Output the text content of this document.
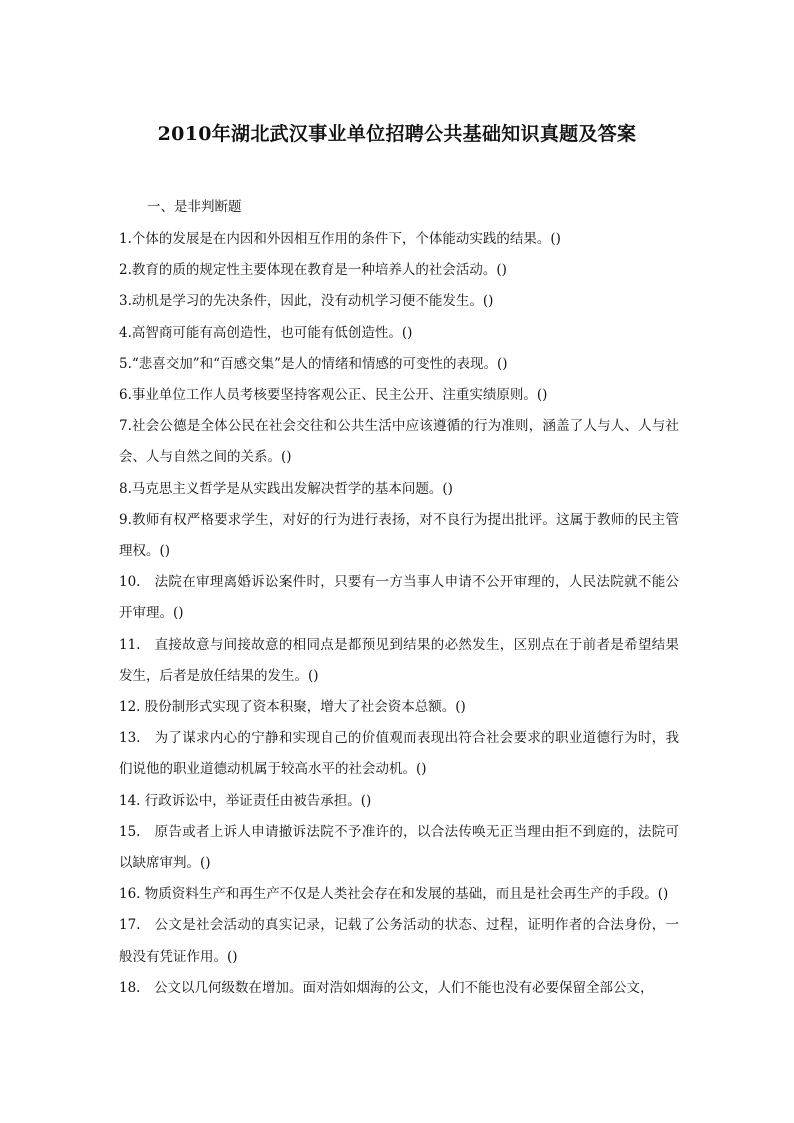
2010年湖北武汉事业单位招聘公共基础知识真题及答案
一、是非判断题

1.个体的发展是在内因和外因相互作用的条件下，个体能动实践的结果。()

2.教育的质的规定性主要体现在教育是一种培养人的社会活动。()

3.动机是学习的先决条件，因此，没有动机学习便不能发生。()

4.高智商可能有高创造性，也可能有低创造性。()

5.“悲喜交加”和“百感交集”是人的情绪和情感的可变性的表现。()

6.事业单位工作人员考核要坚持客观公正、民主公开、注重实绩原则。()

7.社会公德是全体公民在社会交往和公共生活中应该遵循的行为准则，涵盖了人与人、人与社会、人与自然之间的关系。()

8.马克思主义哲学是从实践出发解决哲学的基本问题。()

9.教师有权严格要求学生，对好的行为进行表扬，对不良行为提出批评。这属于教师的民主管理权。()

10.　法院在审理离婚诉讼案件时，只要有一方当事人申请不公开审理的，人民法院就不能公开审理。()

11.　直接故意与间接故意的相同点是都预见到结果的必然发生，区别点在于前者是希望结果发生，后者是放任结果的发生。()

12. 股份制形式实现了资本积聚，增大了社会资本总额。()

13.　为了谋求内心的宁静和实现自己的价值观而表现出符合社会要求的职业道德行为时，我们说他的职业道德动机属于较高水平的社会动机。()

14. 行政诉讼中，举证责任由被告承担。()

15.　原告或者上诉人申请撤诉法院不予准许的，以合法传唤无正当理由拒不到庭的，法院可以缺席审判。()

16. 物质资料生产和再生产不仅是人类社会存在和发展的基础，而且是社会再生产的手段。()

17.　公文是社会活动的真实记录，记载了公务活动的状态、过程，证明作者的合法身份，一般没有凭证作用。()

18.　公文以几何级数在增加。面对浩如烟海的公文，人们不能也没有必要保留全部公文，
